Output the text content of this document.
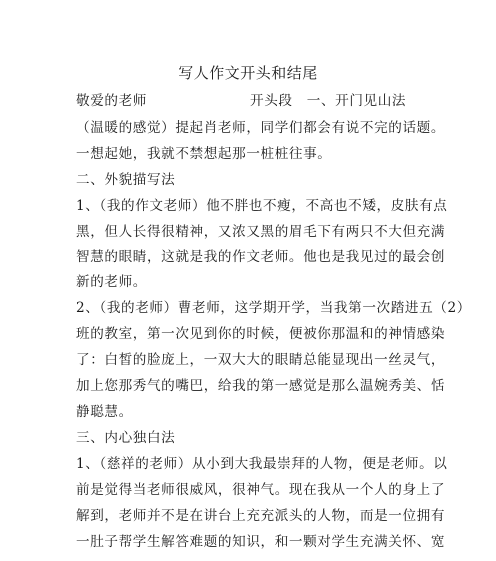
写人作文开头和结尾
敬爱的老师	开头段　一、开门见山法
（温暖的感觉）提起肖老师，同学们都会有说不完的话题。
一想起她，我就不禁想起那一桩桩往事。
二、外貌描写法
1、（我的作文老师）他不胖也不瘦，不高也不矮，皮肤有点
黑，但人长得很精神，又浓又黑的眉毛下有两只不大但充满
智慧的眼睛，这就是我的作文老师。他也是我见过的最会创
新的老师。
2、（我的老师）曹老师，这学期开学，当我第一次踏进五（2）
班的教室，第一次见到你的时候，便被你那温和的神情感染
了：白皙的脸庞上，一双大大的眼睛总能显现出一丝灵气，
加上您那秀气的嘴巴，给我的第一感觉是那么温婉秀美、恬
静聪慧。
三、内心独白法
1、（慈祥的老师）从小到大我最崇拜的人物，便是老师。以
前是觉得当老师很威风，很神气。现在我从一个人的身上了
解到，老师并不是在讲台上充充派头的人物，而是一位拥有
一肚子帮学生解答难题的知识，和一颗对学生充满关怀、宽
